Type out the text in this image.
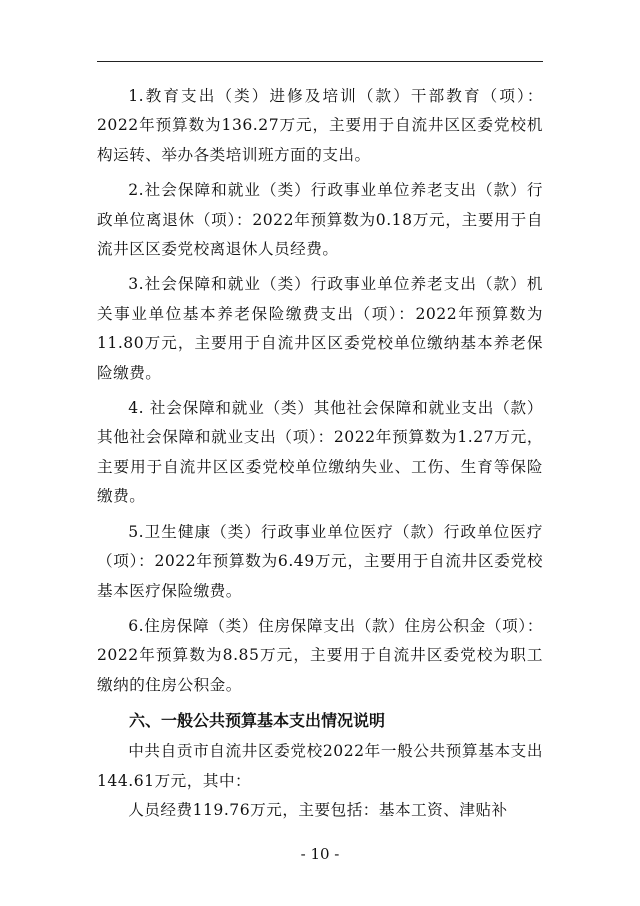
1.教育支出（类）进修及培训（款）干部教育（项）：2022年预算数为136.27万元，主要用于自流井区区委党校机构运转、举办各类培训班方面的支出。

2.社会保障和就业（类）行政事业单位养老支出（款）行政单位离退休（项）：2022年预算数为0.18万元，主要用于自流井区区委党校离退休人员经费。

3.社会保障和就业（类）行政事业单位养老支出（款）机关事业单位基本养老保险缴费支出（项）：2022年预算数为11.80万元，主要用于自流井区区委党校单位缴纳基本养老保险缴费。

4. 社会保障和就业（类）其他社会保障和就业支出（款）其他社会保障和就业支出（项）：2022年预算数为1.27万元，主要用于自流井区区委党校单位缴纳失业、工伤、生育等保险缴费。

5.卫生健康（类）行政事业单位医疗（款）行政单位医疗（项）：2022年预算数为6.49万元，主要用于自流井区委党校基本医疗保险缴费。

6.住房保障（类）住房保障支出（款）住房公积金（项）：2022年预算数为8.85万元，主要用于自流井区委党校为职工缴纳的住房公积金。

六、一般公共预算基本支出情况说明

中共自贡市自流井区委党校2022年一般公共预算基本支出144.61万元，其中：

人员经费119.76万元，主要包括：基本工资、津贴补

- 10 -
